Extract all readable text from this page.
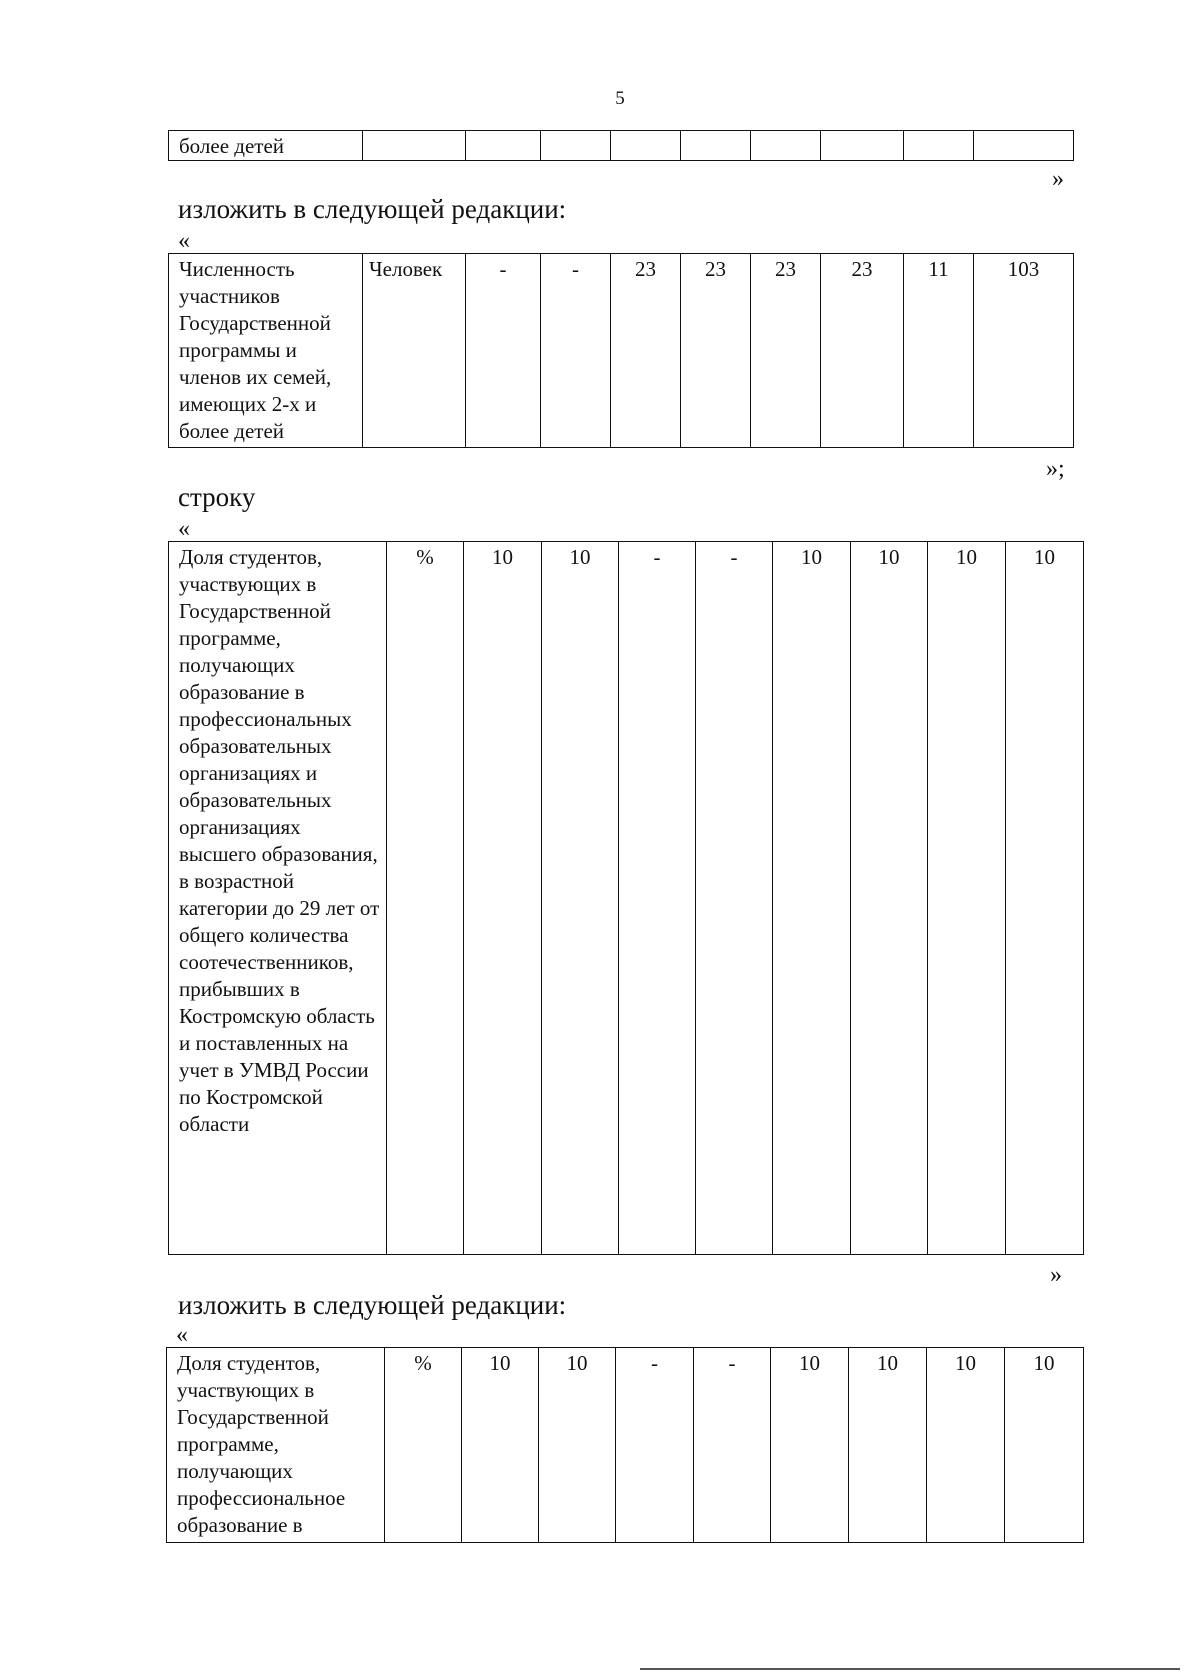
5
более детей									
»
изложить в следующей редакции:
«
Численность участников Государственной программы и членов их семей, имеющих 2-х и более детей	Человек	-	-	23	23	23	23	11	103
»;
строку
«
Доля студентов, участвующих в Государственной программе, получающих образование в профессиональных образовательных организациях и образовательных организациях высшего образования, в возрастной категории до 29 лет от общего количества соотечественников, прибывших в Костромскую область и поставленных на учет в УМВД России по Костромской области	%	10	10	-	-	10	10	10	10
»
изложить в следующей редакции:
«
Доля студентов, участвующих в Государственной программе, получающих профессиональное образование в	%	10	10	-	-	10	10	10	10
